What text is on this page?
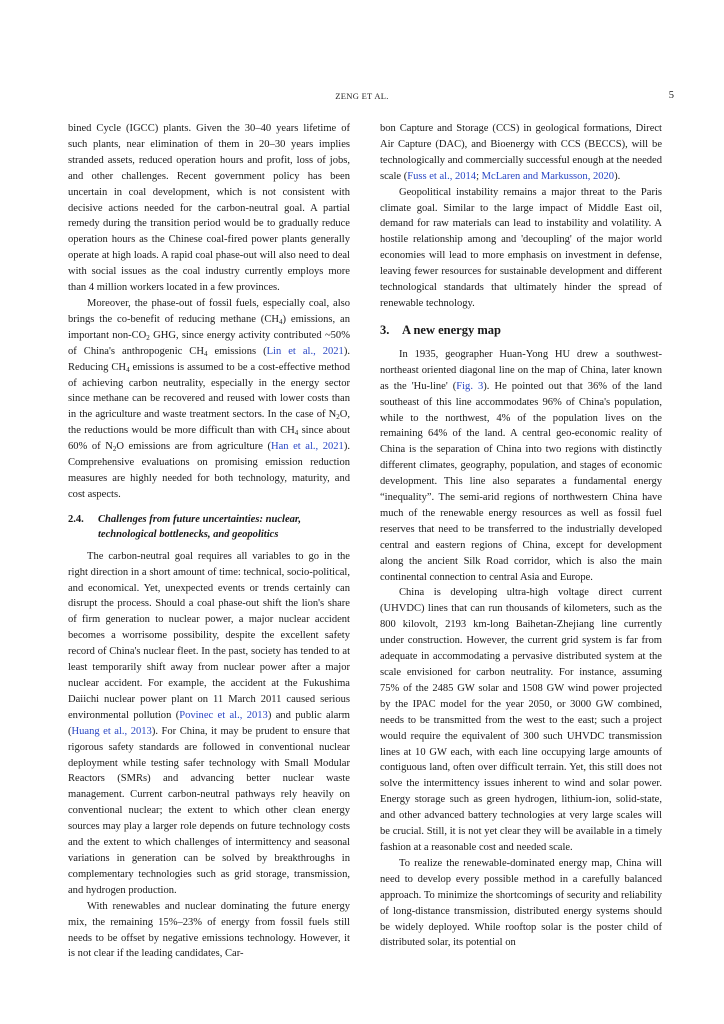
ZENG ET AL.	5

bined Cycle (IGCC) plants. Given the 30–40 years lifetime of such plants, near elimination of them in 20–30 years implies stranded assets, reduced operation hours and profit, loss of jobs, and other challenges. Recent government policy has been uncertain in coal development, which is not consistent with decisive actions needed for the carbon-neutral goal. A partial remedy during the transition period would be to gradually reduce operation hours as the Chinese coal-fired power plants generally operate at high loads. A rapid coal phase-out will also need to deal with social issues as the coal industry currently employs more than 4 million workers located in a few provinces.

Moreover, the phase-out of fossil fuels, especially coal, also brings the co-benefit of reducing methane $(CH_4)$ emissions, an important non-$CO_2$ GHG, since energy activity contributed ~50% of China's anthropogenic $CH_4$ emissions (Lin et al., 2021). Reducing $CH_4$ emissions is assumed to be a cost-effective method of achieving carbon neutrality, especially in the energy sector since methane can be recovered and reused with lower costs than in the agriculture and waste treatment sectors. In the case of $N_2O$, the reductions would be more difficult than with $CH_4$ since about 60% of $N_2O$ emissions are from agriculture (Han et al., 2021). Comprehensive evaluations on promising emission reduction measures are highly needed for both technology, maturity, and cost aspects.

2.4.	Challenges from future uncertainties: nuclear, technological bottlenecks, and geopolitics

The carbon-neutral goal requires all variables to go in the right direction in a short amount of time: technical, socio-political, and economical. Yet, unexpected events or trends certainly can disrupt the process. Should a coal phase-out shift the lion's share of firm generation to nuclear power, a major nuclear accident becomes a worrisome possibility, despite the excellent safety record of China's nuclear fleet. In the past, society has tended to at least temporarily shift away from nuclear power after a major nuclear accident. For example, the accident at the Fukushima Daiichi nuclear power plant on 11 March 2011 caused serious environmental pollution (Povinec et al., 2013) and public alarm (Huang et al., 2013). For China, it may be prudent to ensure that rigorous safety standards are followed in conventional nuclear deployment while testing safer technology with Small Modular Reactors (SMRs) and advancing better nuclear waste management. Current carbon-neutral pathways rely heavily on conventional nuclear; the extent to which other clean energy sources may play a larger role depends on future technology costs and the extent to which challenges of intermittency and seasonal variations in generation can be solved by breakthroughs in complementary technologies such as grid storage, transmission, and hydrogen production.

With renewables and nuclear dominating the future energy mix, the remaining 15%–23% of energy from fossil fuels still needs to be offset by negative emissions technology. However, it is not clear if the leading candidates, Car-

bon Capture and Storage (CCS) in geological formations, Direct Air Capture (DAC), and Bioenergy with CCS (BECCS), will be technologically and commercially successful enough at the needed scale (Fuss et al., 2014; McLaren and Markusson, 2020).

Geopolitical instability remains a major threat to the Paris climate goal. Similar to the large impact of Middle East oil, demand for raw materials can lead to instability and volatility. A hostile relationship among and 'decoupling' of the major world economies will lead to more emphasis on investment in defense, leaving fewer resources for sustainable development and different technological standards that ultimately hinder the spread of renewable technology.

3.	A new energy map

In 1935, geographer Huan-Yong HU drew a southwest-northeast oriented diagonal line on the map of China, later known as the 'Hu-line' (Fig. 3). He pointed out that 36% of the land southeast of this line accommodates 96% of China's population, while to the northwest, 4% of the population lives on the remaining 64% of the land. A central geo-economic reality of China is the separation of China into two regions with distinctly different climates, geography, population, and stages of economic development. This line also separates a fundamental energy “inequality”. The semi-arid regions of northwestern China have much of the renewable energy resources as well as fossil fuel reserves that need to be transferred to the industrially developed central and eastern regions of China, except for development along the ancient Silk Road corridor, which is also the main continental connection to central Asia and Europe.

China is developing ultra-high voltage direct current (UHVDC) lines that can run thousands of kilometers, such as the 800 kilovolt, 2193 km-long Baihetan-Zhejiang line currently under construction. However, the current grid system is far from adequate in accommodating a pervasive distributed system at the scale envisioned for carbon neutrality. For instance, assuming 75% of the 2485 GW solar and 1508 GW wind power projected by the IPAC model for the year 2050, or 3000 GW combined, needs to be transmitted from the west to the east; such a project would require the equivalent of 300 such UHVDC transmission lines at 10 GW each, with each line occupying large amounts of contiguous land, often over difficult terrain. Yet, this still does not solve the intermittency issues inherent to wind and solar power. Energy storage such as green hydrogen, lithium-ion, solid-state, and other advanced battery technologies at very large scales will be crucial. Still, it is not yet clear they will be available in a timely fashion at a reasonable cost and needed scale.

To realize the renewable-dominated energy map, China will need to develop every possible method in a carefully balanced approach. To minimize the shortcomings of security and reliability of long-distance transmission, distributed energy systems should be widely deployed. While rooftop solar is the poster child of distributed solar, its potential on
